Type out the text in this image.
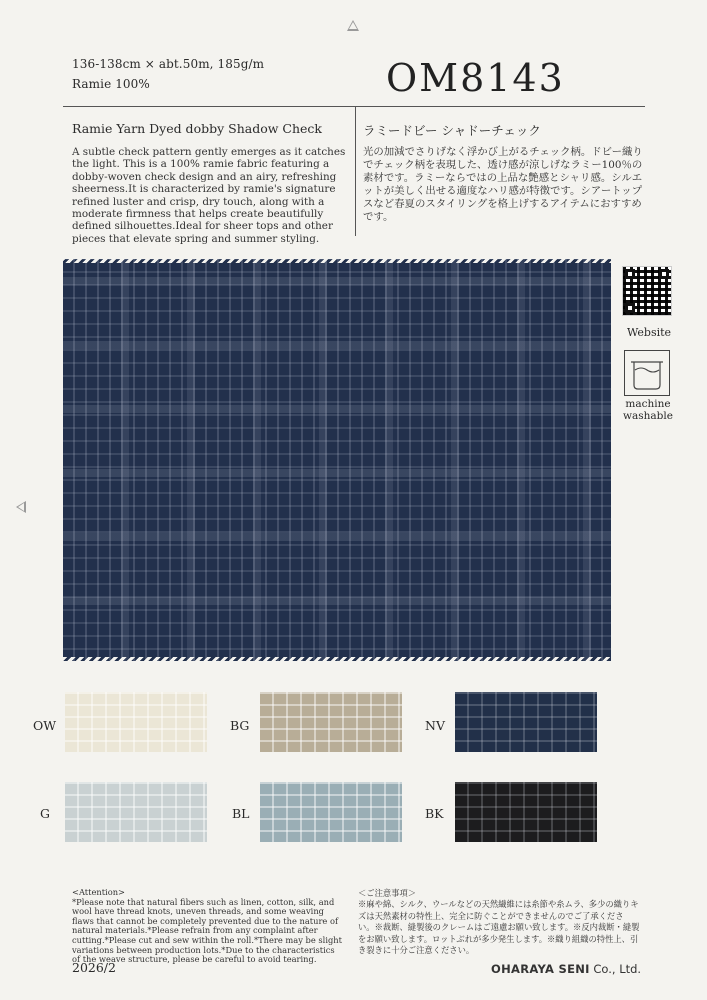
136-138cm × abt.50m, 185g/m
Ramie 100%	OM8143
Ramie Yarn Dyed dobby Shadow Check	ラミードビー シャドーチェック
A subtle check pattern gently emerges as it catches the light. This is a 100% ramie fabric featuring a dobby-woven check design and an airy, refreshing sheerness.It is characterized by ramie's signature refined luster and crisp, dry touch, along with a moderate firmness that helps create beautifully defined silhouettes.Ideal for sheer tops and other pieces that elevate spring and summer styling.
光の加減でさりげなく浮かび上がるチェック柄。ドビー織りでチェック柄を表現した、透け感が涼しげなラミー100％の素材です。ラミーならではの上品な艶感とシャリ感。シルエットが美しく出せる適度なハリ感が特徴です。シアートップスなど春夏のスタイリングを格上げするアイテムにおすすめです。
Website
machine
washable
OW	BG	NV
G	BL	BK
<Attention>
*Please note that natural fibers such as linen, cotton, silk, and wool have thread knots, uneven threads, and some weaving flaws that cannot be completely prevented due to the nature of natural materials.*Please refrain from any complaint after cutting.*Please cut and sew within the roll.*There may be slight variations between production lots.*Due to the characteristics of the weave structure, please be careful to avoid tearing.
＜ご注意事項＞
※麻や綿、シルク、ウールなどの天然繊維には糸節や糸ムラ、多少の織りキズは天然素材の特性上、完全に防ぐことができませんのでご了承ください。※裁断、縫製後のクレームはご遠慮お願い致します。※反内裁断・縫製をお願い致します。ロットぶれが多少発生します。※織り組織の特性上、引き裂きに十分ご注意ください。
2026/2	OHARAYA SENI Co., Ltd.
